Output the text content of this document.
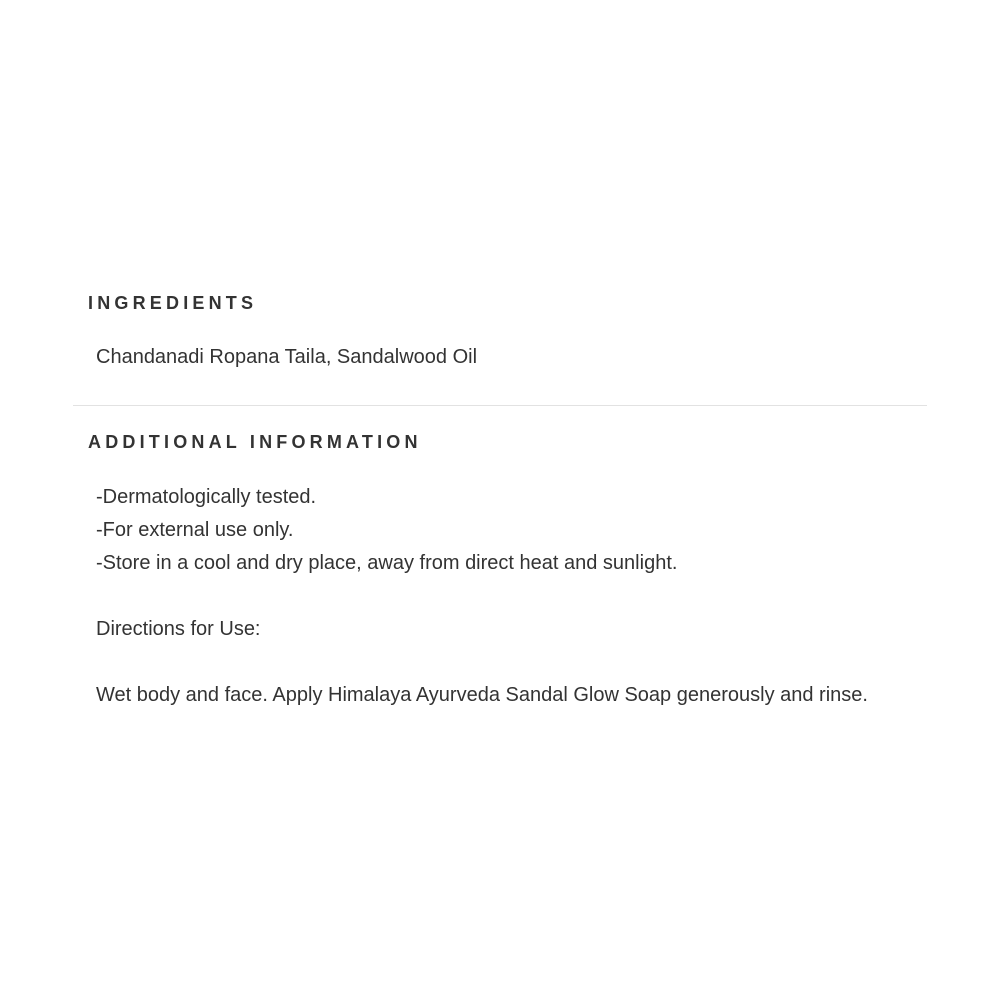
INGREDIENTS

Chandanadi Ropana Taila, Sandalwood Oil

ADDITIONAL INFORMATION

-Dermatologically tested.

-For external use only.

-Store in a cool and dry place, away from direct heat and sunlight.

Directions for Use:

Wet body and face. Apply Himalaya Ayurveda Sandal Glow Soap generously and rinse.
